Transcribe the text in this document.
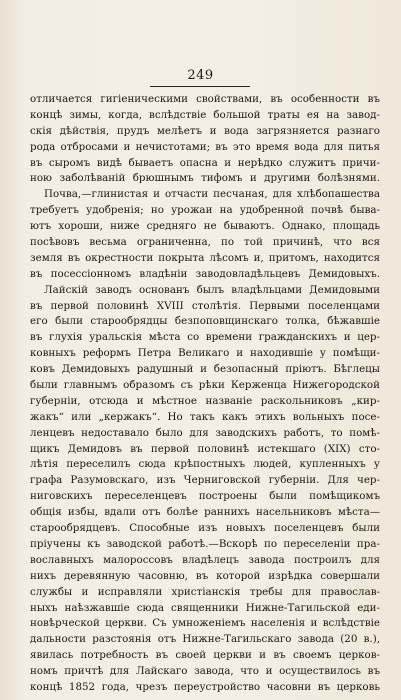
249
отличается гигіеническими свойствами, въ особенности въ
концѣ зимы, когда, вслѣдствіе большой траты ея на завод-
скія дѣйствія, прудъ мелѣетъ и вода загрязняется разнаго
рода отбросами и нечистотами; въ это время вода для питья
въ сыромъ видѣ бываетъ опасна и нерѣдко служитъ причи-
ною заболѣваній брюшнымъ тифомъ и другими болѣзнями.
Почва,—глинистая и отчасти песчаная, для хлѣбопашества
требуетъ удобренія; но урожаи на удобренной почвѣ быва-
ютъ хороши, ниже средняго не бываютъ. Однако, площадь
посѣвовъ весьма ограниченна, по той причинѣ, что вся
земля въ окрестности покрыта лѣсомъ и, притомъ, находится
въ посессіонномъ владѣніи заводовладѣльцевъ Демидовыхъ.
Лайскій заводъ основанъ былъ владѣльцами Демидовыми
въ первой половинѣ XVIII столѣтія. Первыми поселенцами
его были старообрядцы безпоповщинскаго толка, бѣжавшіе
въ глухія уральскія мѣста со времени гражданскихъ и цер-
ковныхъ реформъ Петра Великаго и находившіе у помѣщи-
ковъ Демидовыхъ радушный и безопасный пріютъ. Бѣглецы
были главнымъ образомъ съ рѣки Керженца Нижегородской
губерніи, отсюда и мѣстное названіе раскольниковъ „кир-
жакъ“ или „кержакъ“. Но такъ какъ этихъ вольныхъ посе-
ленцевъ недоставало было для заводскихъ работъ, то помѣ-
щикъ Демидовъ въ первой половинѣ истекшаго (XIX) сто-
лѣтія переселилъ сюда крѣпостныхъ людей, купленныхъ у
графа Разумовскаго, изъ Черниговской губерніи. Для чер-
ниговскихъ переселенцевъ построены были помѣщикомъ
общія избы, вдали отъ болѣе раннихъ насельниковъ мѣста—
старообрядцевъ. Способные изъ новыхъ поселенцевъ были
пріучены къ заводской работѣ.—Вскорѣ по переселеніи пра-
вославныхъ малороссовъ владѣлецъ завода построилъ для
нихъ деревянную часовню, въ которой изрѣдка совершали
службы и исправляли христіанскія требы для православ-
ныхъ наѣзжавшіе сюда священники Нижне-Тагильской еди-
новѣрческой церкви. Съ умноженіемъ населенія и вслѣдствіе
дальности разстоянія отъ Нижне-Тагильскаго завода (20 в.),
явилась потребность въ своей церкви и въ своемъ церков-
номъ причтѣ для Лайскаго завода, что и осуществилось въ
концѣ 1852 года, чрезъ переустройство часовни въ церковь
